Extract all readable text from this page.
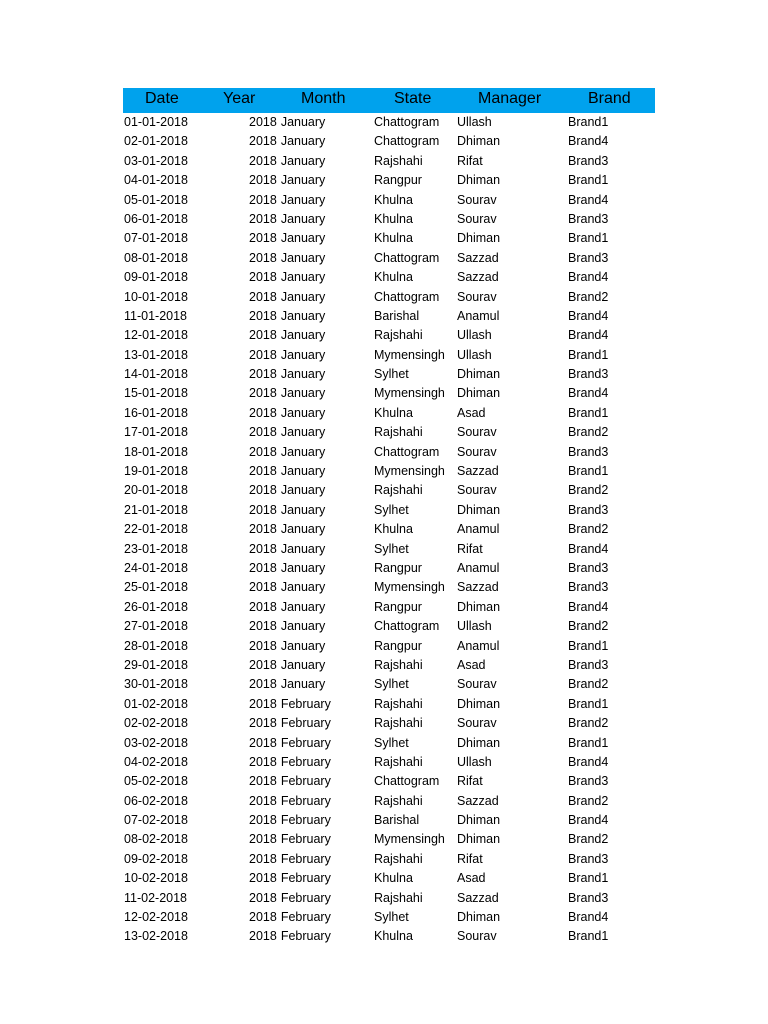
Date	Year	Month	State	Manager	Brand
01-01-2018	2018 January	Chattogram Ullash	Brand1
02-01-2018	2018 January	Chattogram Dhiman	Brand4
03-01-2018	2018 January	Rajshahi	Rifat	Brand3
04-01-2018	2018 January	Rangpur	Dhiman	Brand1
05-01-2018	2018 January	Khulna	Sourav	Brand4
06-01-2018	2018 January	Khulna	Sourav	Brand3
07-01-2018	2018 January	Khulna	Dhiman	Brand1
08-01-2018	2018 January	Chattogram Sazzad	Brand3
09-01-2018	2018 January	Khulna	Sazzad	Brand4
10-01-2018	2018 January	Chattogram Sourav	Brand2
11-01-2018	2018 January	Barishal	Anamul	Brand4
12-01-2018	2018 January	Rajshahi	Ullash	Brand4
13-01-2018	2018 January	Mymensingh Ullash	Brand1
14-01-2018	2018 January	Sylhet	Dhiman	Brand3
15-01-2018	2018 January	Mymensingh Dhiman	Brand4
16-01-2018	2018 January	Khulna	Asad	Brand1
17-01-2018	2018 January	Rajshahi	Sourav	Brand2
18-01-2018	2018 January	Chattogram Sourav	Brand3
19-01-2018	2018 January	Mymensingh Sazzad	Brand1
20-01-2018	2018 January	Rajshahi	Sourav	Brand2
21-01-2018	2018 January	Sylhet	Dhiman	Brand3
22-01-2018	2018 January	Khulna	Anamul	Brand2
23-01-2018	2018 January	Sylhet	Rifat	Brand4
24-01-2018	2018 January	Rangpur	Anamul	Brand3
25-01-2018	2018 January	Mymensingh Sazzad	Brand3
26-01-2018	2018 January	Rangpur	Dhiman	Brand4
27-01-2018	2018 January	Chattogram Ullash	Brand2
28-01-2018	2018 January	Rangpur	Anamul	Brand1
29-01-2018	2018 January	Rajshahi	Asad	Brand3
30-01-2018	2018 January	Sylhet	Sourav	Brand2
01-02-2018	2018 February	Rajshahi	Dhiman	Brand1
02-02-2018	2018 February	Rajshahi	Sourav	Brand2
03-02-2018	2018 February	Sylhet	Dhiman	Brand1
04-02-2018	2018 February	Rajshahi	Ullash	Brand4
05-02-2018	2018 February	Chattogram Rifat	Brand3
06-02-2018	2018 February	Rajshahi	Sazzad	Brand2
07-02-2018	2018 February	Barishal	Dhiman	Brand4
08-02-2018	2018 February	Mymensingh Dhiman	Brand2
09-02-2018	2018 February	Rajshahi	Rifat	Brand3
10-02-2018	2018 February	Khulna	Asad	Brand1
11-02-2018	2018 February	Rajshahi	Sazzad	Brand3
12-02-2018	2018 February	Sylhet	Dhiman	Brand4
13-02-2018	2018 February	Khulna	Sourav	Brand1
